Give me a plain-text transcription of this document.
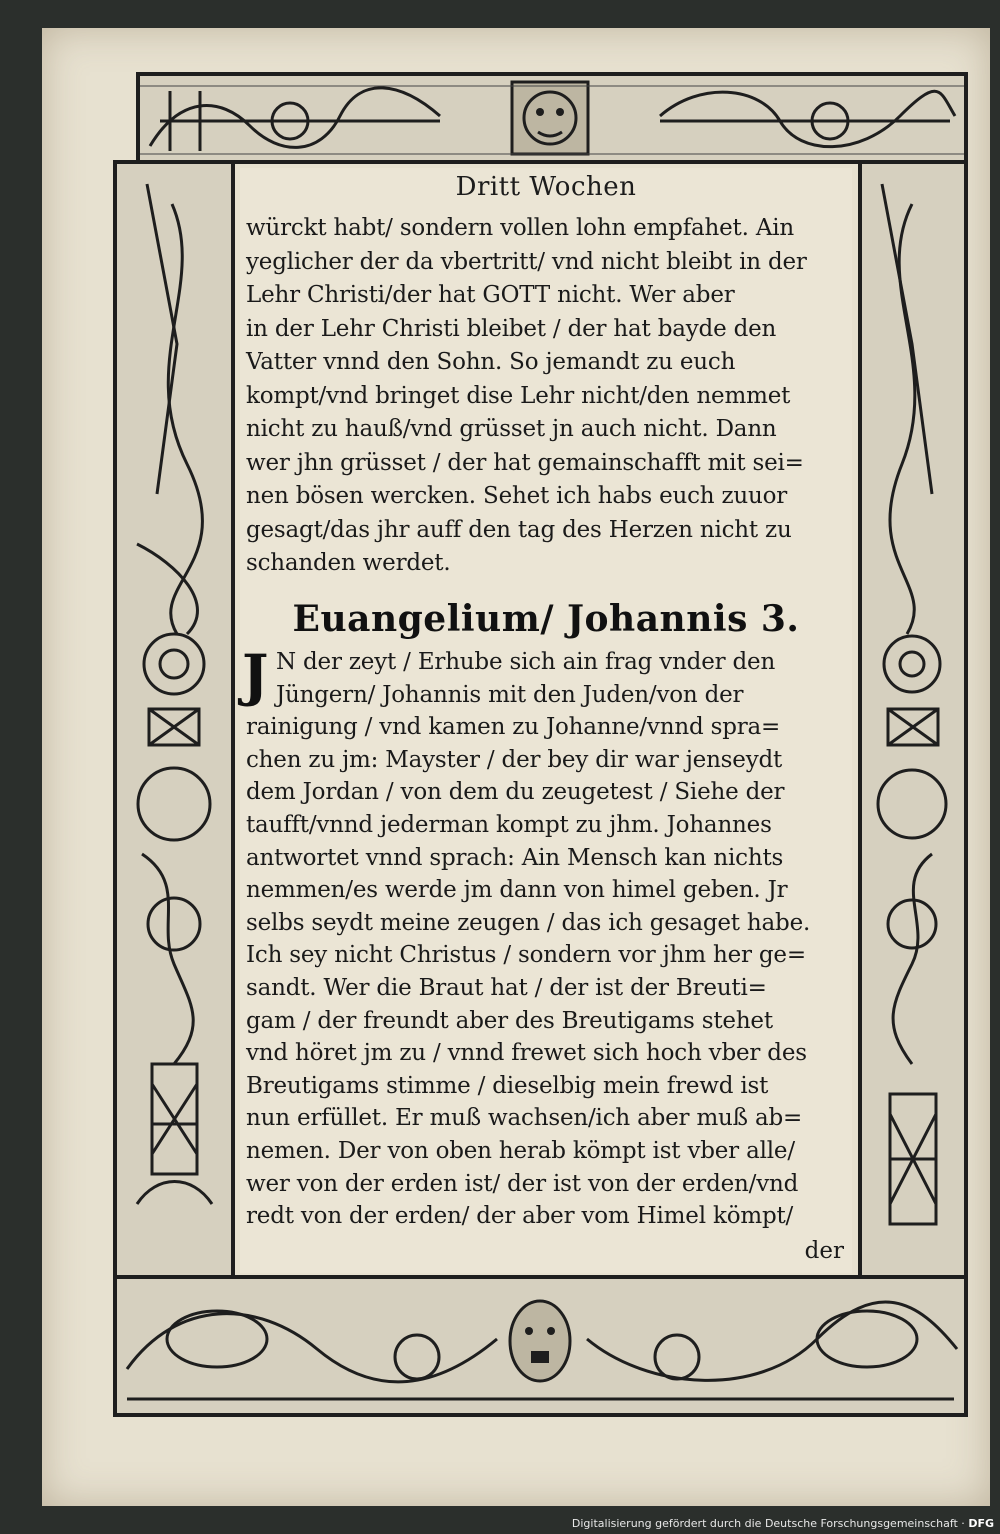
Dritt Wochen
würckt habt/ sondern vollen lohn empfahet. Ain
yeglicher der da vbertritt/ vnd nicht bleibt in der
Lehr Christi/der hat GOTT nicht. Wer aber
in der Lehr Christi bleibet / der hat bayde den
Vatter vnnd den Sohn. So jemandt zu euch
kompt/vnd bringet dise Lehr nicht/den nemmet
nicht zu hauß/vnd grüsset jn auch nicht. Dann
wer jhn grüsset / der hat gemainschafft mit sei=
nen bösen wercken. Sehet ich habs euch zuuor
gesagt/das jhr auff den tag des Herzen nicht zu
schanden werdet.
Euangelium/ Johannis 3.
J N der zeyt / Erhube sich ain frag vnder den
Jüngern/ Johannis mit den Juden/von der
rainigung / vnd kamen zu Johanne/vnnd spra=
chen zu jm: Mayster / der bey dir war jenseydt
dem Jordan / von dem du zeugetest / Siehe der
taufft/vnnd jederman kompt zu jhm. Johannes
antwortet vnnd sprach: Ain Mensch kan nichts
nemmen/es werde jm dann von himel geben. Jr
selbs seydt meine zeugen / das ich gesaget habe.
Ich sey nicht Christus / sondern vor jhm her ge=
sandt. Wer die Braut hat / der ist der Breuti=
gam / der freundt aber des Breutigams stehet
vnd höret jm zu / vnnd frewet sich hoch vber des
Breutigams stimme / dieselbig mein frewd ist
nun erfüllet. Er muß wachsen/ich aber muß ab=
nemen. Der von oben herab kömpt ist vber alle/
wer von der erden ist/ der ist von der erden/vnd
redt von der erden/ der aber vom Himel kömpt/
der
Digitalisierung gefördert durch die Deutsche Forschungsgemeinschaft · DFG
